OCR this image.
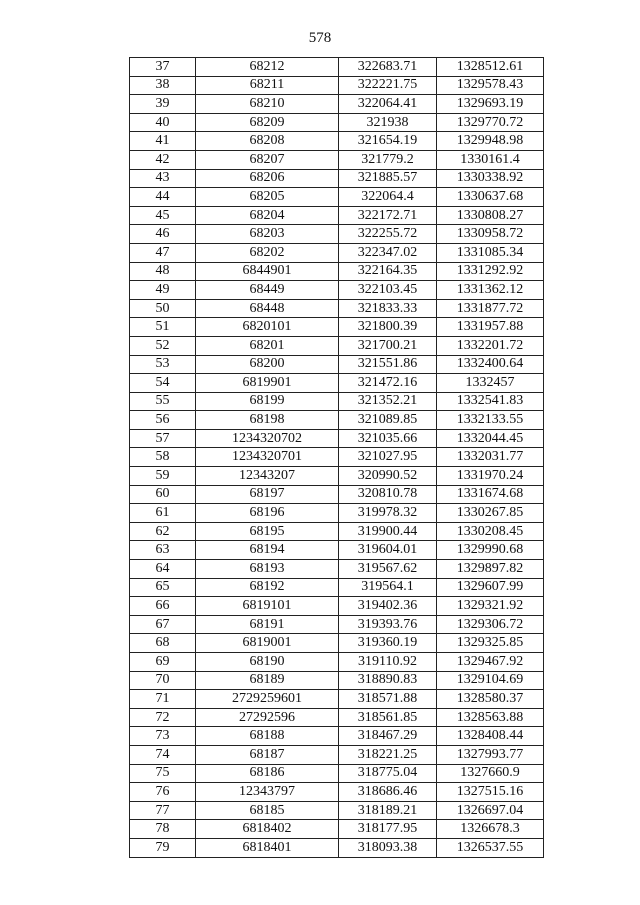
578
37	68212	322683.71	1328512.61
38	68211	322221.75	1329578.43
39	68210	322064.41	1329693.19
40	68209	321938	1329770.72
41	68208	321654.19	1329948.98
42	68207	321779.2	1330161.4
43	68206	321885.57	1330338.92
44	68205	322064.4	1330637.68
45	68204	322172.71	1330808.27
46	68203	322255.72	1330958.72
47	68202	322347.02	1331085.34
48	6844901	322164.35	1331292.92
49	68449	322103.45	1331362.12
50	68448	321833.33	1331877.72
51	6820101	321800.39	1331957.88
52	68201	321700.21	1332201.72
53	68200	321551.86	1332400.64
54	6819901	321472.16	1332457
55	68199	321352.21	1332541.83
56	68198	321089.85	1332133.55
57	1234320702	321035.66	1332044.45
58	1234320701	321027.95	1332031.77
59	12343207	320990.52	1331970.24
60	68197	320810.78	1331674.68
61	68196	319978.32	1330267.85
62	68195	319900.44	1330208.45
63	68194	319604.01	1329990.68
64	68193	319567.62	1329897.82
65	68192	319564.1	1329607.99
66	6819101	319402.36	1329321.92
67	68191	319393.76	1329306.72
68	6819001	319360.19	1329325.85
69	68190	319110.92	1329467.92
70	68189	318890.83	1329104.69
71	2729259601	318571.88	1328580.37
72	27292596	318561.85	1328563.88
73	68188	318467.29	1328408.44
74	68187	318221.25	1327993.77
75	68186	318775.04	1327660.9
76	12343797	318686.46	1327515.16
77	68185	318189.21	1326697.04
78	6818402	318177.95	1326678.3
79	6818401	318093.38	1326537.55
